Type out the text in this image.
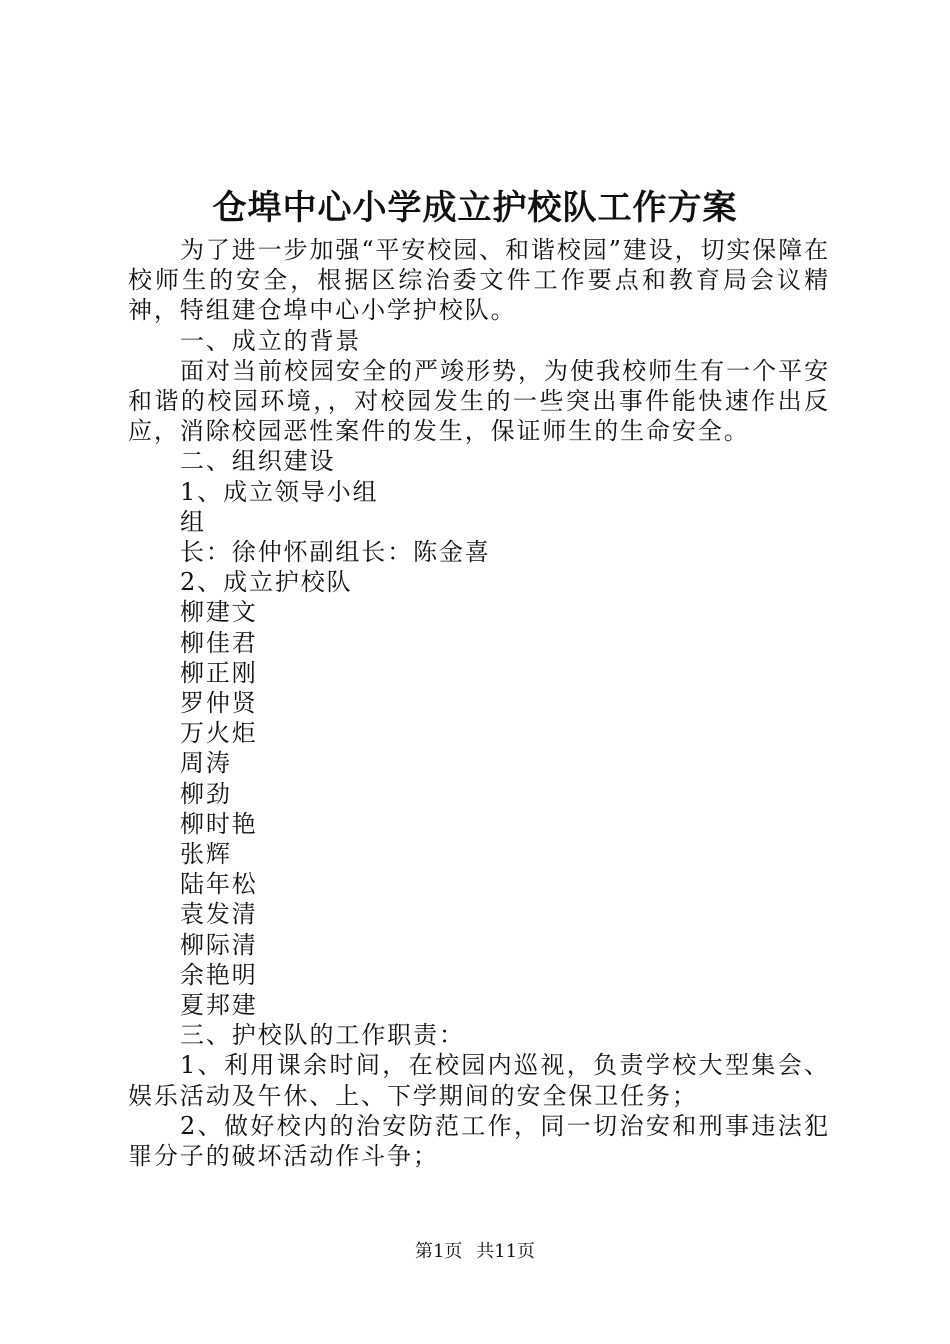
仓埠中心小学成立护校队工作方案

为了进一步加强“平安校园、和谐校园”建设，切实保障在校师生的安全，根据区综治委文件工作要点和教育局会议精神，特组建仓埠中心小学护校队。

一、成立的背景

面对当前校园安全的严竣形势，为使我校师生有一个平安和谐的校园环境，，对校园发生的一些突出事件能快速作出反应，消除校园恶性案件的发生，保证师生的生命安全。

二、组织建设

1、成立领导小组

组

长：徐仲怀副组长：陈金喜

2、成立护校队

柳建文

柳佳君

柳正刚

罗仲贤

万火炬

周涛

柳劲

柳时艳

张辉

陆年松

袁发清

柳际清

余艳明

夏邦建

三、护校队的工作职责：

1、利用课余时间，在校园内巡视，负责学校大型集会、娱乐活动及午休、上、下学期间的安全保卫任务；

2、做好校内的治安防范工作，同一切治安和刑事违法犯罪分子的破坏活动作斗争；

第1页 共11页
